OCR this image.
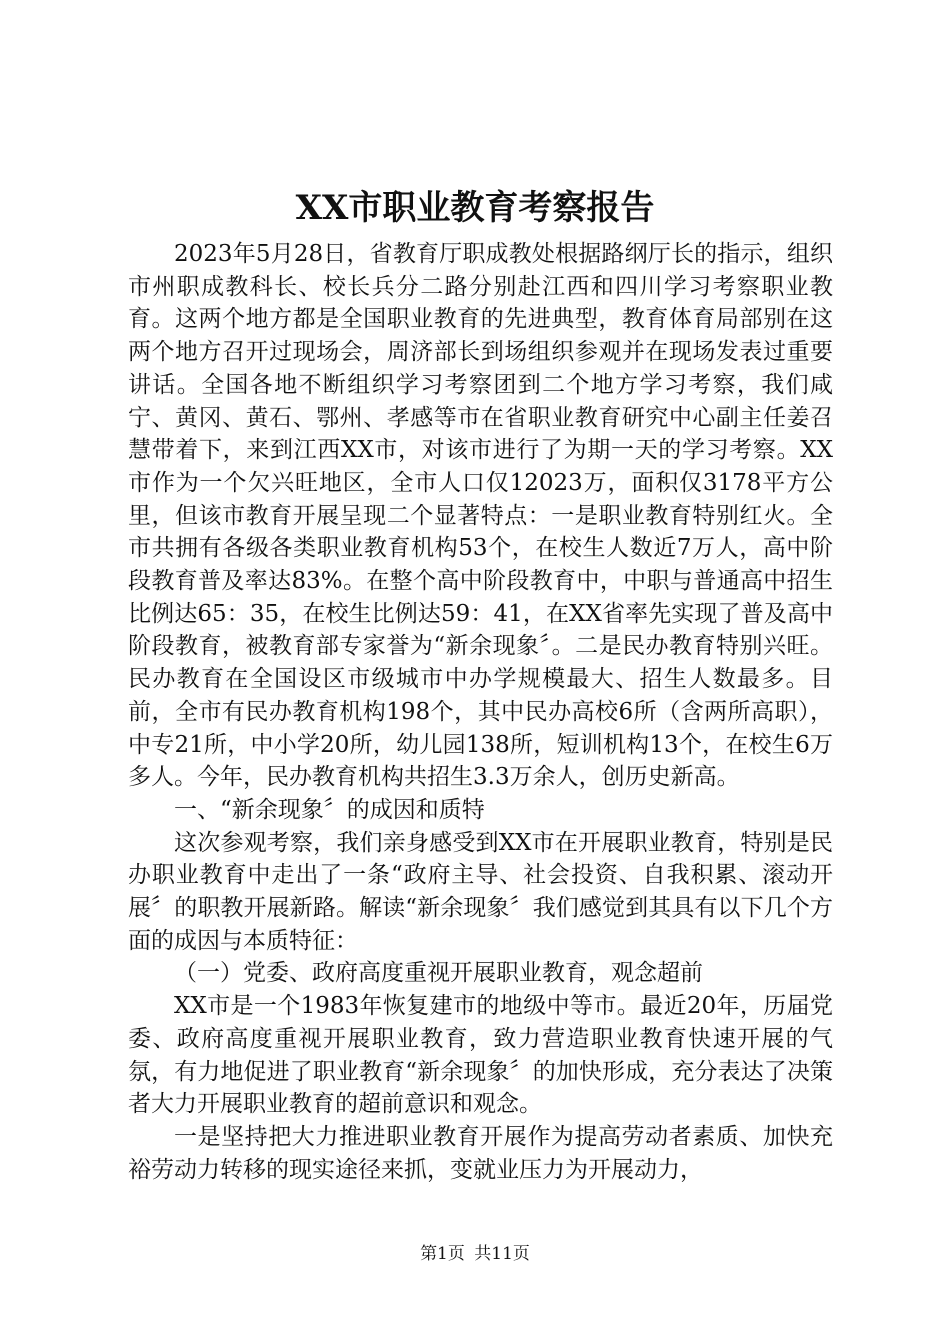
XX市职业教育考察报告

2023年5月28日，省教育厅职成教处根据路纲厅长的指示，组织市州职成教科长、校长兵分二路分别赴江西和四川学习考察职业教育。这两个地方都是全国职业教育的先进典型，教育体育局部别在这两个地方召开过现场会，周济部长到场组织参观并在现场发表过重要讲话。全国各地不断组织学习考察团到二个地方学习考察，我们咸宁、黄冈、黄石、鄂州、孝感等市在省职业教育研究中心副主任姜召慧带着下，来到江西XX市，对该市进行了为期一天的学习考察。XX市作为一个欠兴旺地区，全市人口仅12023万，面积仅3178平方公里，但该市教育开展呈现二个显著特点：一是职业教育特别红火。全市共拥有各级各类职业教育机构53个，在校生人数近7万人，高中阶段教育普及率达83%。在整个高中阶段教育中，中职与普通高中招生比例达65：35，在校生比例达59：41，在XX省率先实现了普及高中阶段教育，被教育部专家誉为“新余现象〞。二是民办教育特别兴旺。民办教育在全国设区市级城市中办学规模最大、招生人数最多。目前，全市有民办教育机构198个，其中民办高校6所（含两所高职），中专21所，中小学20所，幼儿园138所，短训机构13个，在校生6万多人。今年，民办教育机构共招生3.3万余人，创历史新高。

一、“新余现象〞的成因和质特

这次参观考察，我们亲身感受到XX市在开展职业教育，特别是民办职业教育中走出了一条“政府主导、社会投资、自我积累、滚动开展〞的职教开展新路。解读“新余现象〞我们感觉到其具有以下几个方面的成因与本质特征：

（一）党委、政府高度重视开展职业教育，观念超前

XX市是一个1983年恢复建市的地级中等市。最近20年，历届党委、政府高度重视开展职业教育，致力营造职业教育快速开展的气氛，有力地促进了职业教育“新余现象〞的加快形成，充分表达了决策者大力开展职业教育的超前意识和观念。

一是坚持把大力推进职业教育开展作为提高劳动者素质、加快充裕劳动力转移的现实途径来抓，变就业压力为开展动力，

第1页 共11页
